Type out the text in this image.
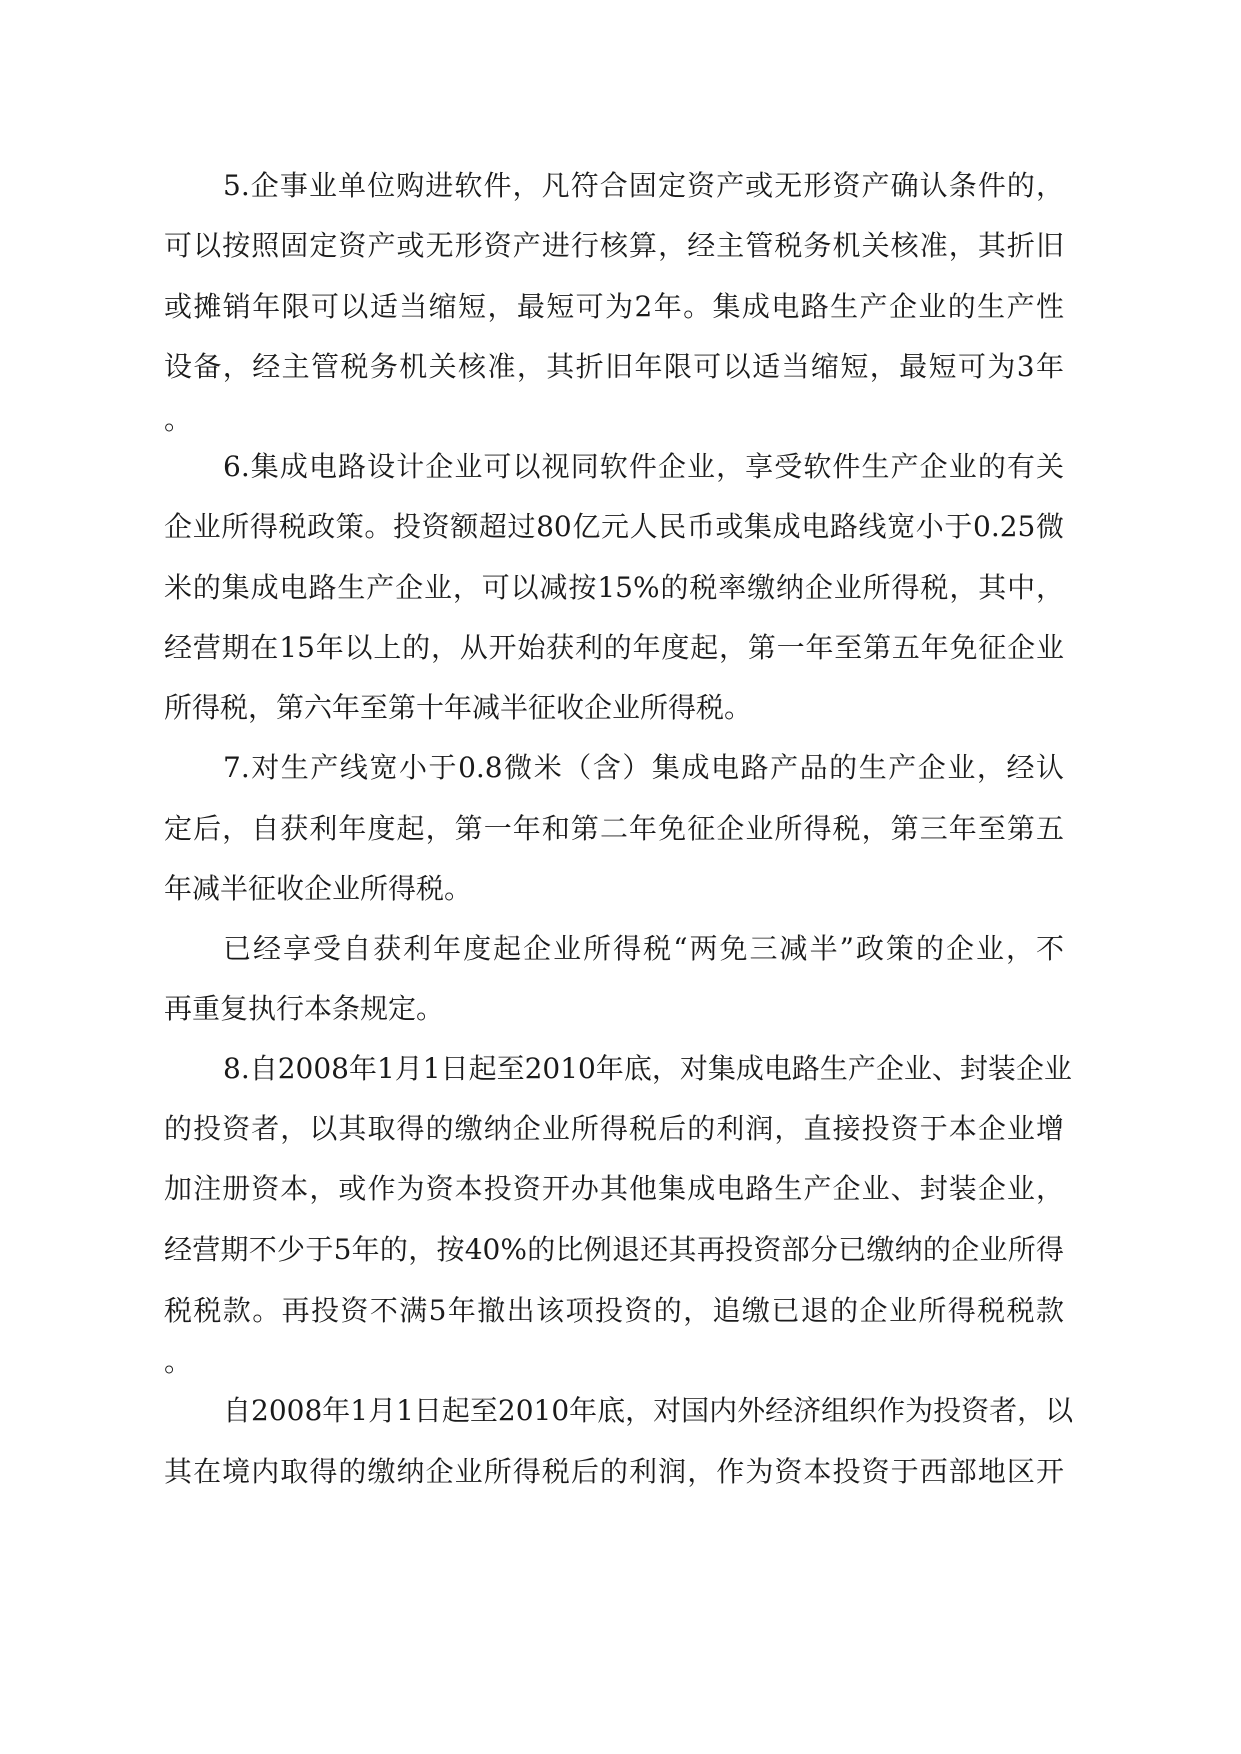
5.企事业单位购进软件，凡符合固定资产或无形资产确认条件的，
可以按照固定资产或无形资产进行核算，经主管税务机关核准，其折旧
或摊销年限可以适当缩短，最短可为2年。集成电路生产企业的生产性
设备，经主管税务机关核准，其折旧年限可以适当缩短，最短可为3年
。
6.集成电路设计企业可以视同软件企业，享受软件生产企业的有关
企业所得税政策。投资额超过80亿元人民币或集成电路线宽小于0.25微
米的集成电路生产企业，可以减按15%的税率缴纳企业所得税，其中，
经营期在15年以上的，从开始获利的年度起，第一年至第五年免征企业
所得税，第六年至第十年减半征收企业所得税。
7.对生产线宽小于0.8微米（含）集成电路产品的生产企业，经认
定后，自获利年度起，第一年和第二年免征企业所得税，第三年至第五
年减半征收企业所得税。
已经享受自获利年度起企业所得税“两免三减半”政策的企业，不
再重复执行本条规定。
8.自2008年1月1日起至2010年底，对集成电路生产企业、封装企业
的投资者，以其取得的缴纳企业所得税后的利润，直接投资于本企业增
加注册资本，或作为资本投资开办其他集成电路生产企业、封装企业，
经营期不少于5年的，按40%的比例退还其再投资部分已缴纳的企业所得
税税款。再投资不满5年撤出该项投资的，追缴已退的企业所得税税款
。
自2008年1月1日起至2010年底，对国内外经济组织作为投资者，以
其在境内取得的缴纳企业所得税后的利润，作为资本投资于西部地区开
